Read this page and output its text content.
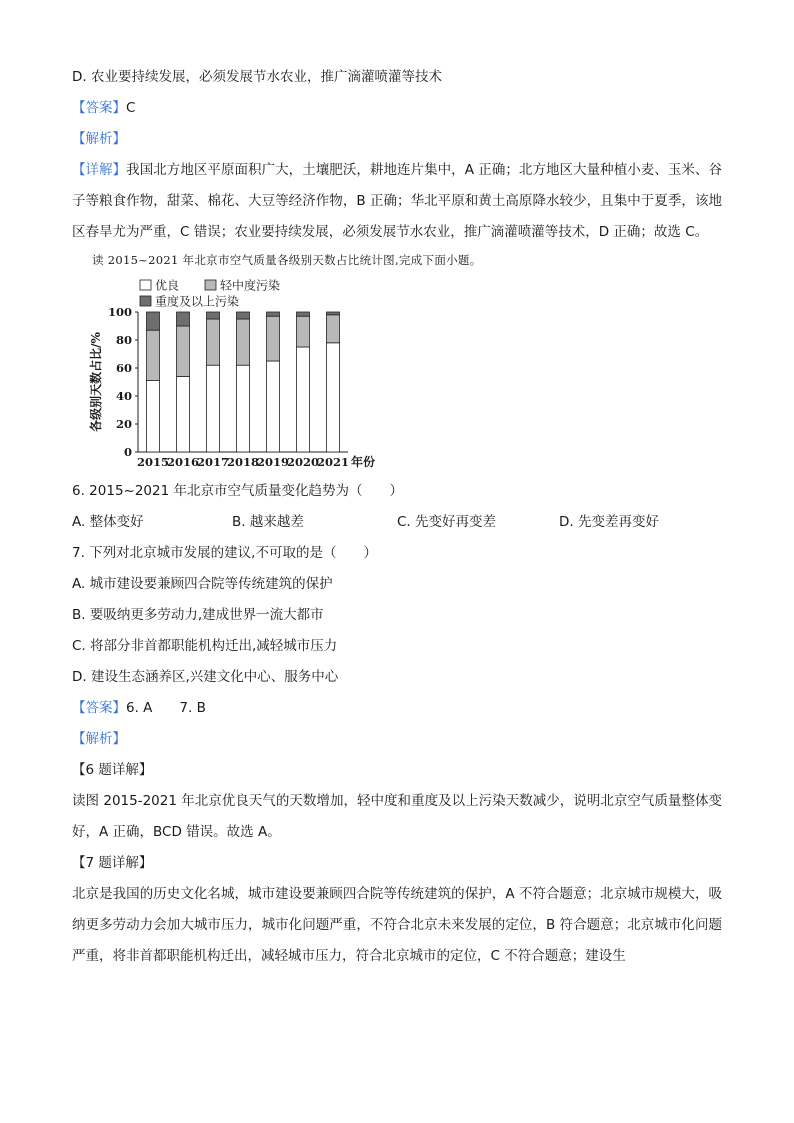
D. 农业要持续发展，必须发展节水农业，推广滴灌喷灌等技术
【答案】C
【解析】
【详解】我国北方地区平原面积广大，土壤肥沃，耕地连片集中，A 正确；北方地区大量种植小麦、玉米、谷子等粮食作物，甜菜、棉花、大豆等经济作物，B 正确；华北平原和黄土高原降水较少，且集中于夏季，该地区春旱尤为严重，C 错误；农业要持续发展，必须发展节水农业，推广滴灌喷灌等技术，D 正确；故选 C。
读 2015~2021 年北京市空气质量各级别天数占比统计图,完成下面小题。
优良	轻中度污染
重度及以上污染
0
20
40
60
80
100
各级别天数占比/%
2015
2016
2017
2018
2019
2020
2021 年份
6. 2015~2021 年北京市空气质量变化趋势为（　　）
A. 整体变好	B. 越来越差	C. 先变好再变差	D. 先变差再变好
7. 下列对北京城市发展的建议,不可取的是（　　）
A. 城市建设要兼顾四合院等传统建筑的保护
B. 要吸纳更多劳动力,建成世界一流大都市
C. 将部分非首都职能机构迁出,减轻城市压力
D. 建设生态涵养区,兴建文化中心、服务中心
【答案】6. A　　7. B
【解析】
【6 题详解】
读图 2015-2021 年北京优良天气的天数增加，轻中度和重度及以上污染天数减少，说明北京空气质量整体变好，A 正确，BCD 错误。故选 A。
【7 题详解】
北京是我国的历史文化名城，城市建设要兼顾四合院等传统建筑的保护，A 不符合题意；北京城市规模大，吸纳更多劳动力会加大城市压力，城市化问题严重，不符合北京未来发展的定位，B 符合题意；北京城市化问题严重，将非首都职能机构迁出，减轻城市压力，符合北京城市的定位，C 不符合题意；建设生
